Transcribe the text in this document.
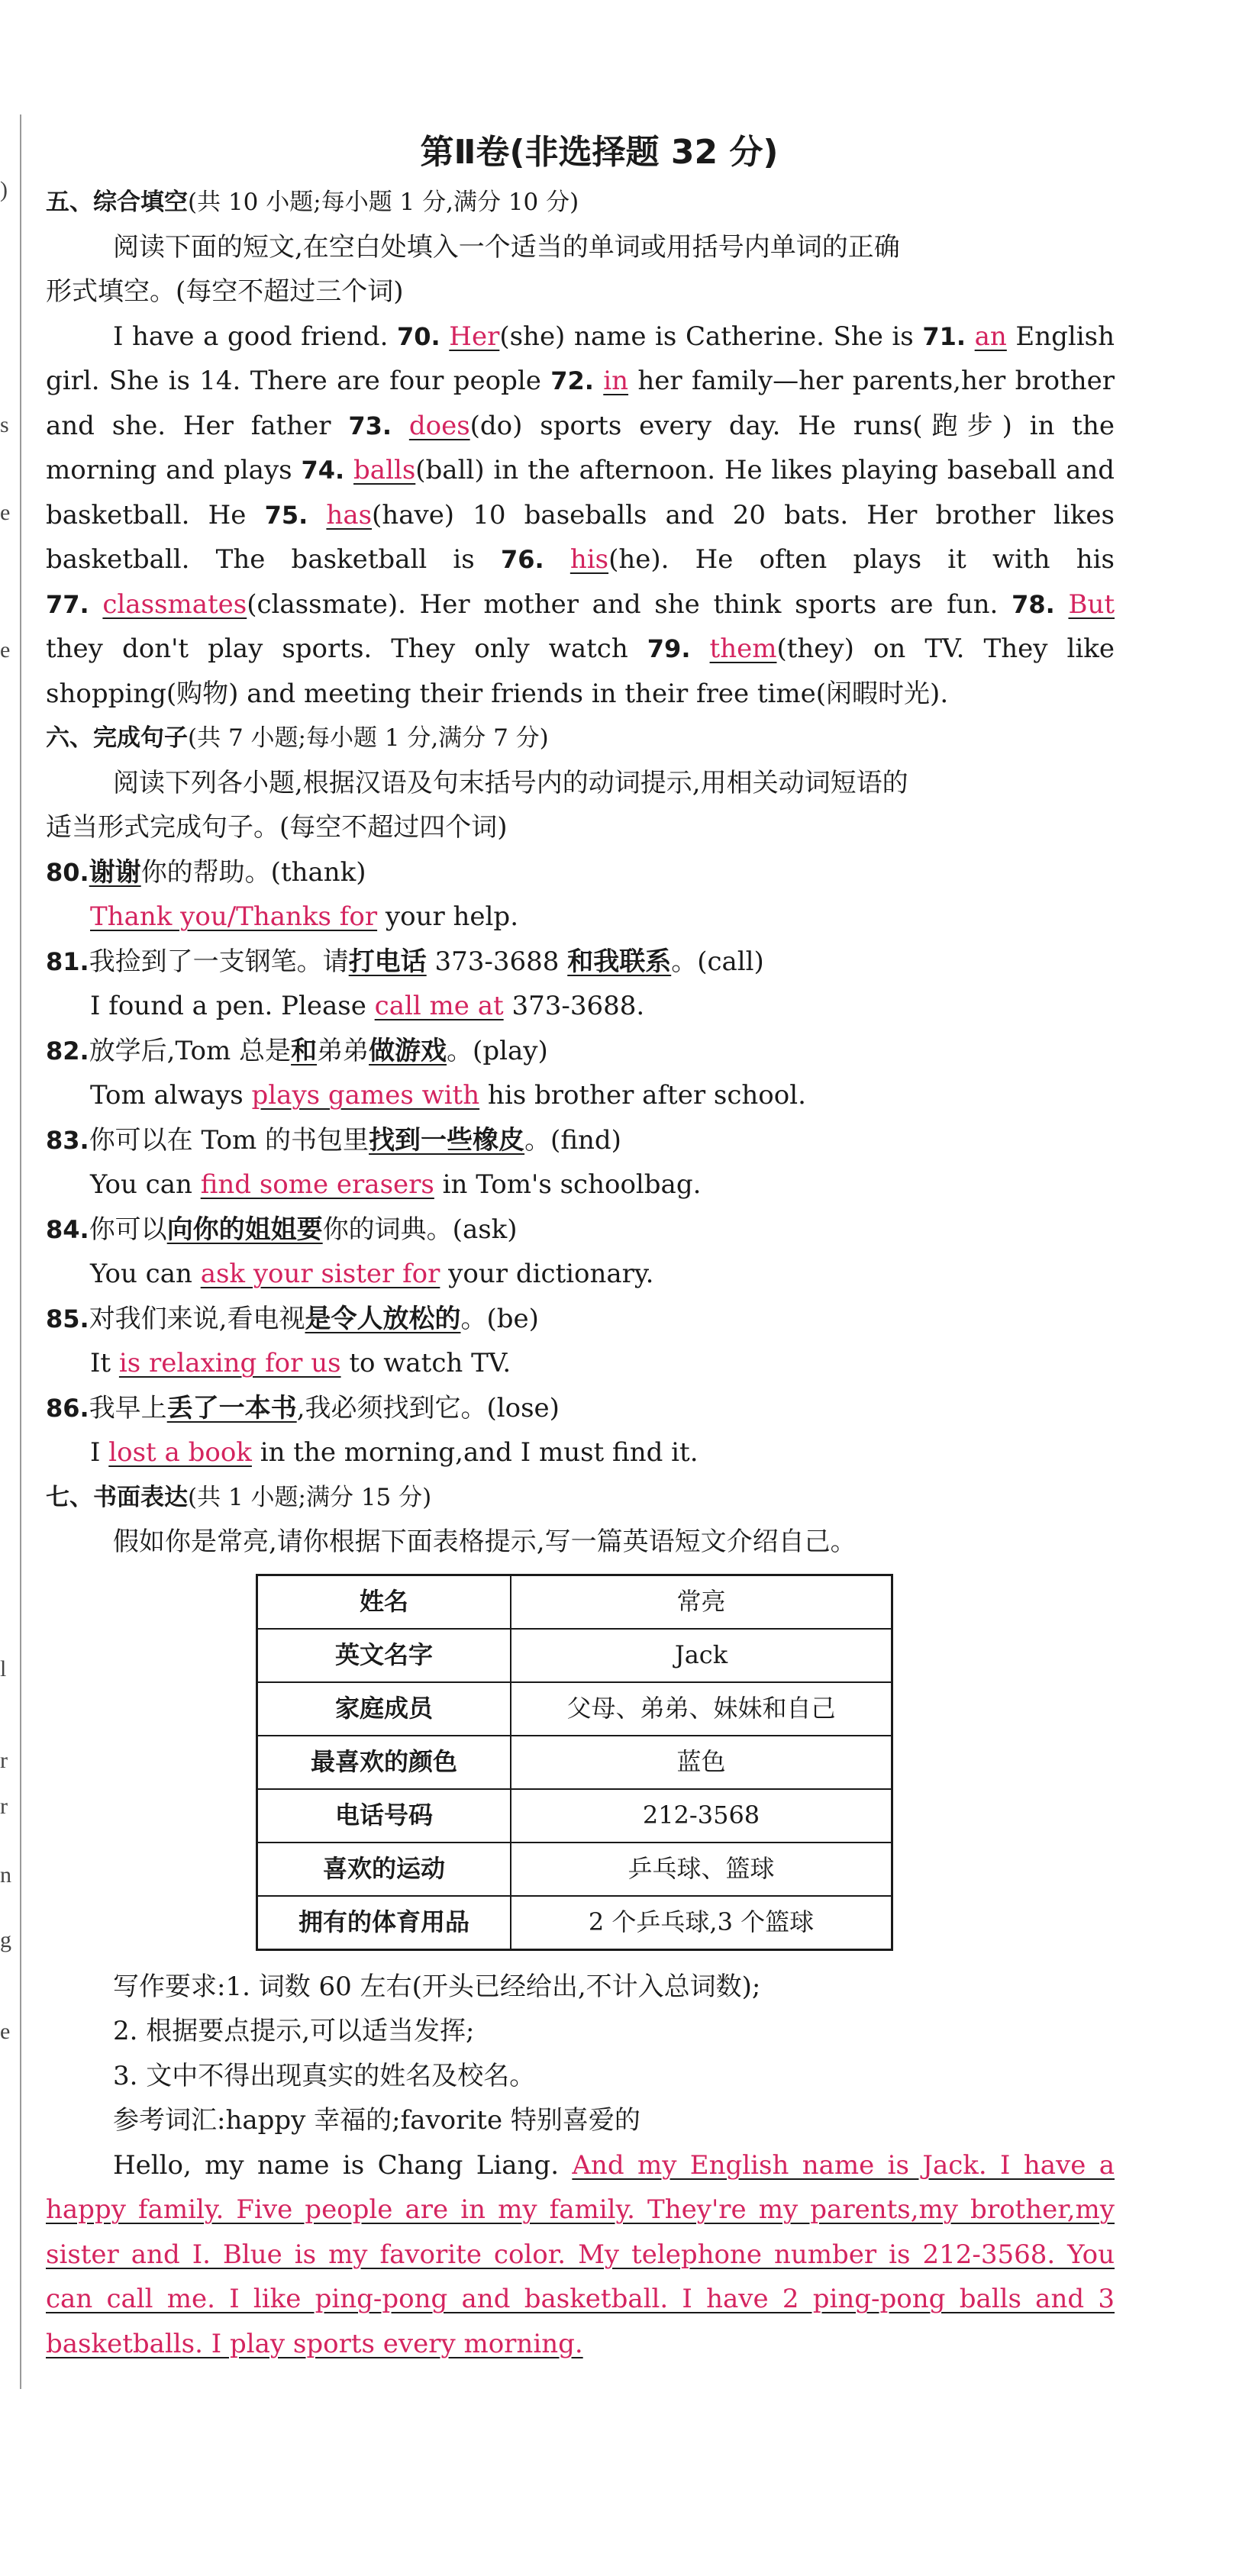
)
s
e
e
l
r
r
n
g
e
第Ⅱ卷(非选择题 32 分)
五、综合填空(共 10 小题;每小题 1 分,满分 10 分)
阅读下面的短文,在空白处填入一个适当的单词或用括号内单词的正确
形式填空。(每空不超过三个词)
I have a good friend. 70. Her(she) name is Catherine. She is 71. an English
girl. She is 14. There are four people 72. in her family—her parents,her brother
and she. Her father 73. does(do) sports every day. He runs(跑步) in the
morning and plays 74. balls(ball) in the afternoon. He likes playing baseball and
basketball. He 75. has(have) 10 baseballs and 20 bats. Her brother likes
basketball. The basketball is 76. his(he). He often plays it with his
77. classmates(classmate). Her mother and she think sports are fun. 78. But
they don't play sports. They only watch 79. them(they) on TV. They like
shopping(购物) and meeting their friends in their free time(闲暇时光).
六、完成句子(共 7 小题;每小题 1 分,满分 7 分)
阅读下列各小题,根据汉语及句末括号内的动词提示,用相关动词短语的
适当形式完成句子。(每空不超过四个词)
80.谢谢你的帮助。(thank)
Thank you/Thanks for your help.
81.我捡到了一支钢笔。请打电话 373-3688 和我联系。(call)
I found a pen. Please call me at 373-3688.
82.放学后,Tom 总是和弟弟做游戏。(play)
Tom always plays games with his brother after school.
83.你可以在 Tom 的书包里找到一些橡皮。(find)
You can find some erasers in Tom's schoolbag.
84.你可以向你的姐姐要你的词典。(ask)
You can ask your sister for your dictionary.
85.对我们来说,看电视是令人放松的。(be)
It is relaxing for us to watch TV.
86.我早上丢了一本书,我必须找到它。(lose)
I lost a book in the morning,and I must find it.
七、书面表达(共 1 小题;满分 15 分)
假如你是常亮,请你根据下面表格提示,写一篇英语短文介绍自己。
姓名	常亮
英文名字	Jack
家庭成员	父母、弟弟、妹妹和自己
最喜欢的颜色	蓝色
电话号码	212-3568
喜欢的运动	乒乓球、篮球
拥有的体育用品	2 个乒乓球,3 个篮球
写作要求:1. 词数 60 左右(开头已经给出,不计入总词数);
2. 根据要点提示,可以适当发挥;
3. 文中不得出现真实的姓名及校名。
参考词汇:happy 幸福的;favorite 特别喜爱的
Hello, my name is Chang Liang. And my English name is Jack. I have a
happy family. Five people are in my family. They're my parents,my brother,my
sister and I. Blue is my favorite color. My telephone number is 212-3568. You
can call me. I like ping-pong and basketball. I have 2 ping-pong balls and 3
basketballs. I play sports every morning.
